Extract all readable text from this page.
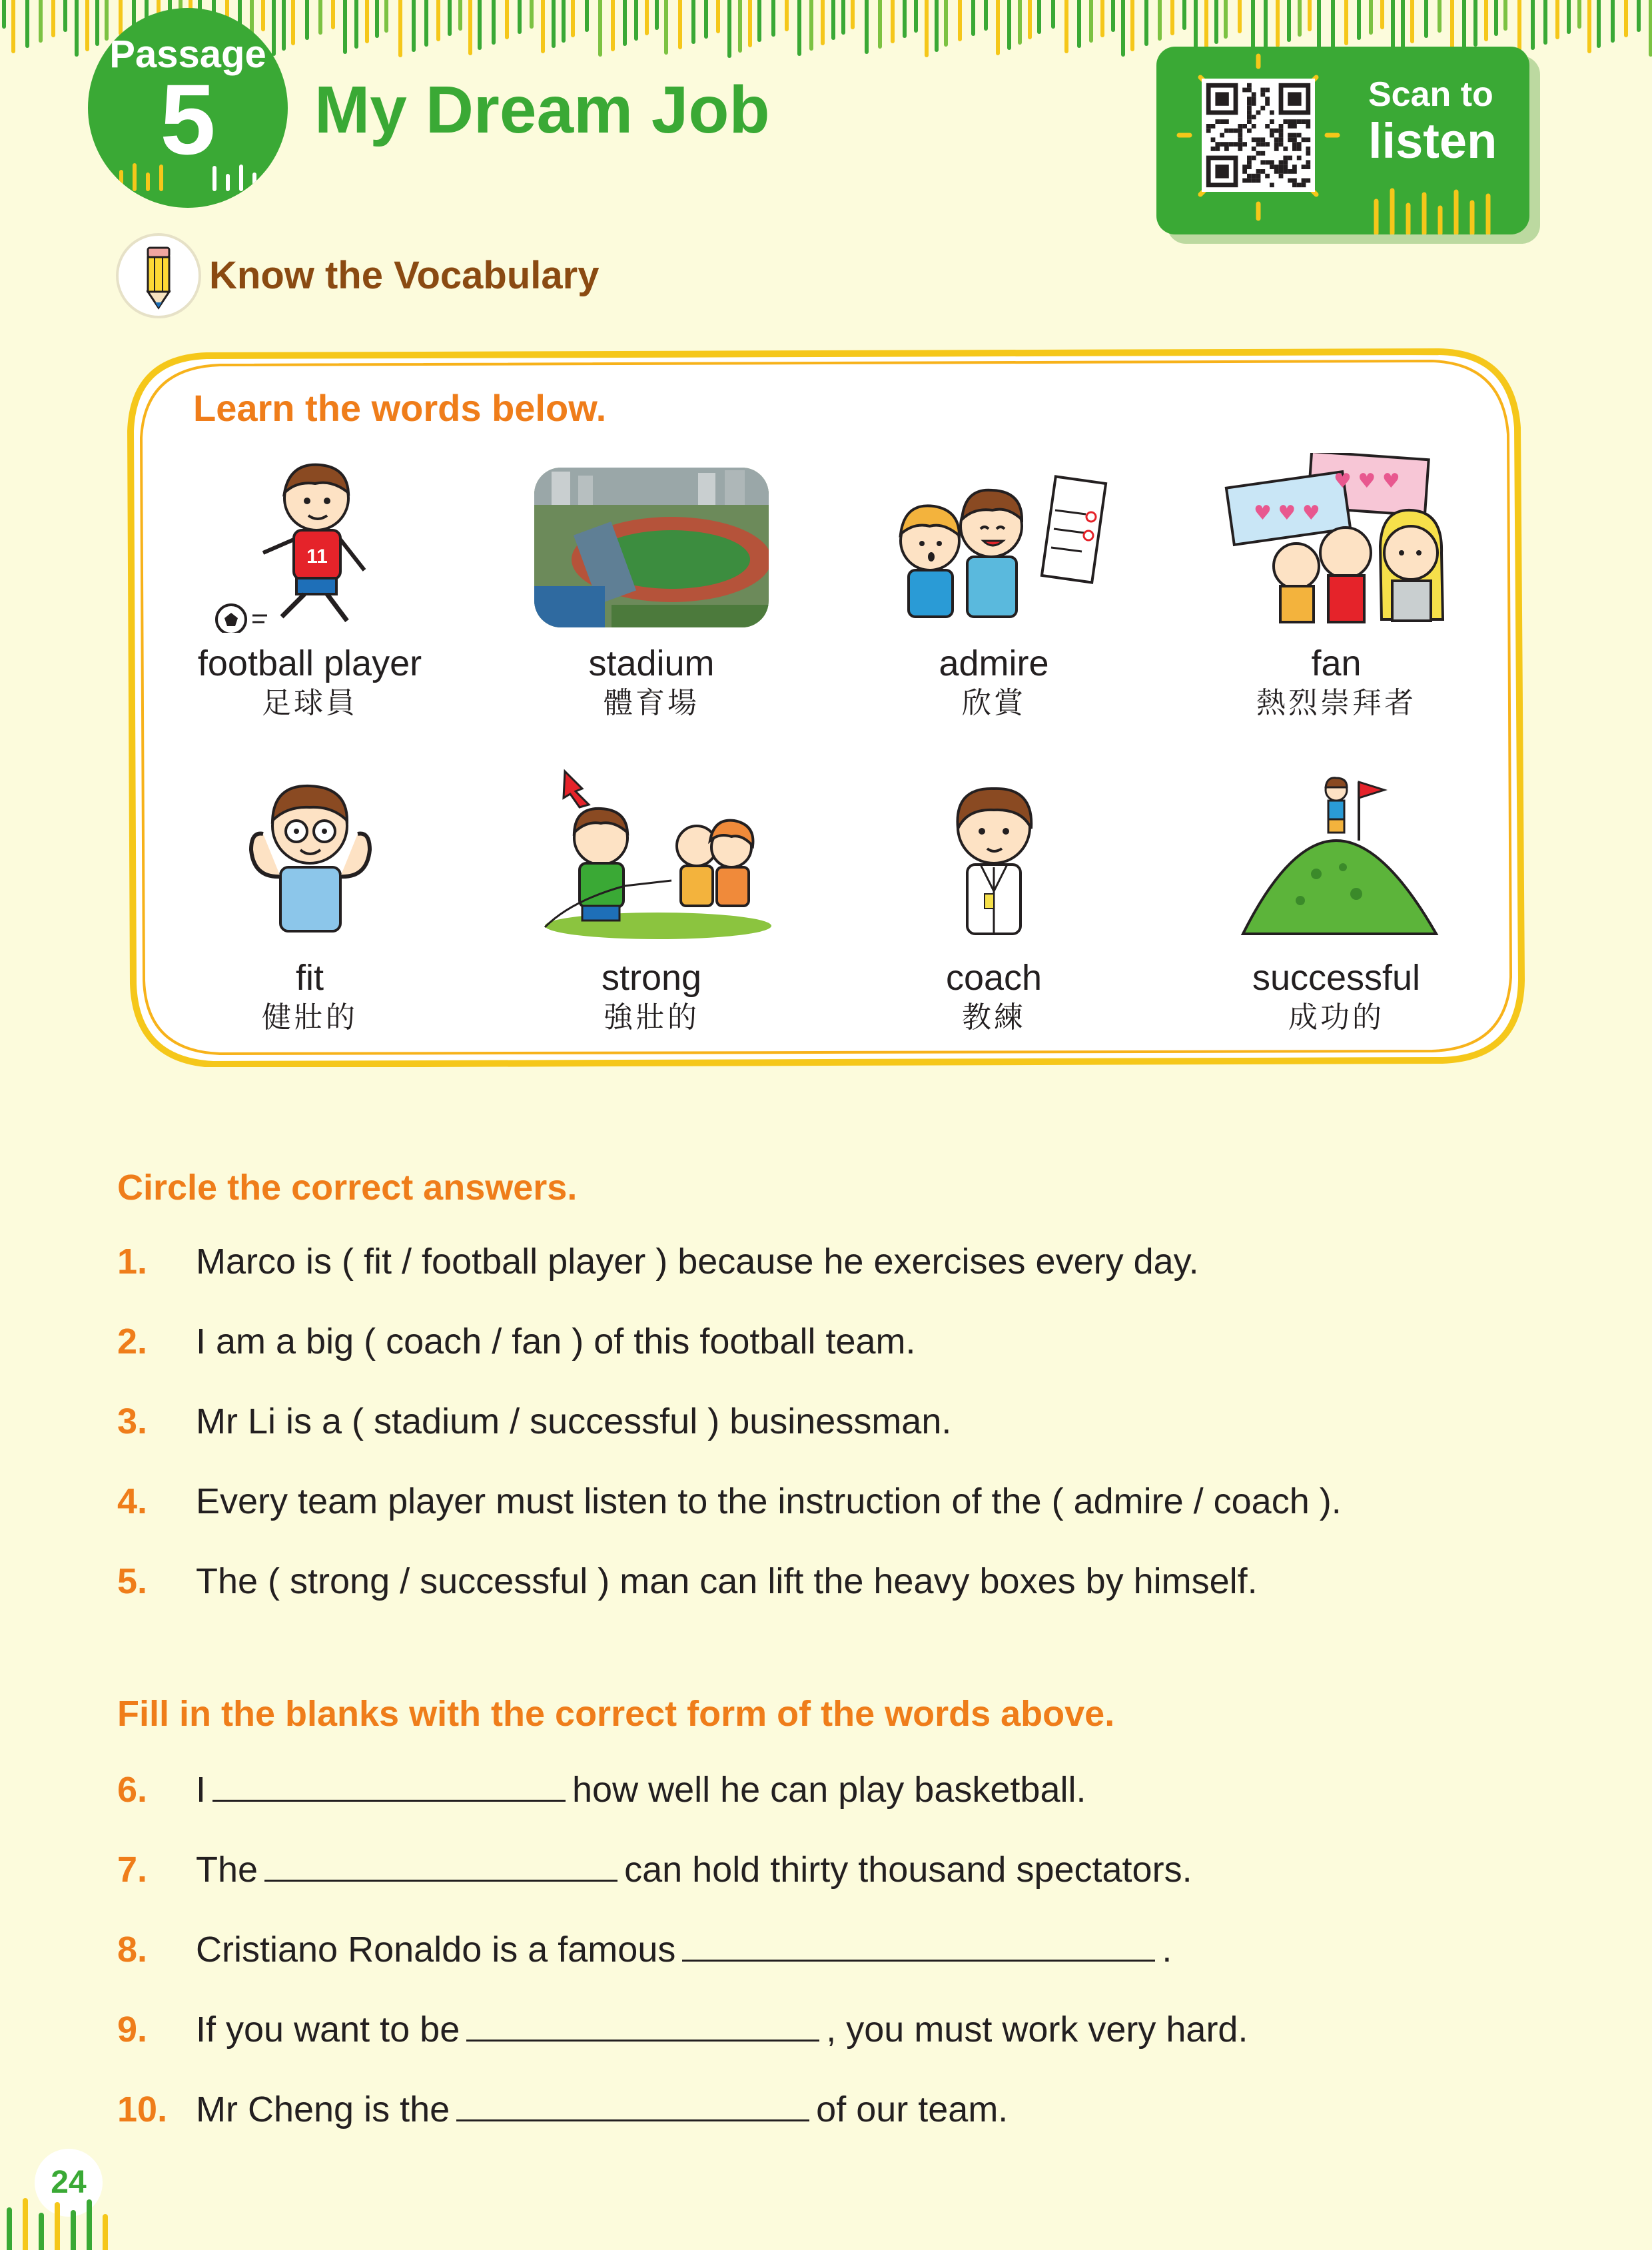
Passage
5	My Dream Job	Scan to
listen
Know the Vocabulary
Learn the words below.
11
football player
足球員
stadium
體育場
admire
欣賞
♥ ♥ ♥
♥ ♥ ♥
fan
熱烈崇拜者
fit
健壯的
strong
強壯的
coach
教練
successful
成功的
Circle the correct answers.
1. Marco is ( fit / football player ) because he exercises every day.
2. I am a big ( coach / fan ) of this football team.
3. Mr Li is a ( stadium / successful ) businessman.
4. Every team player must listen to the instruction of the ( admire / coach ).
5. The ( strong / successful ) man can lift the heavy boxes by himself.
Fill in the blanks with the correct form of the words above.
6. I	how well he can play basketball.
7. The	can hold thirty thousand spectators.
8. Cristiano Ronaldo is a famous	.
9. If you want to be	, you must work very hard.
10. Mr Cheng is the	of our team.
24
